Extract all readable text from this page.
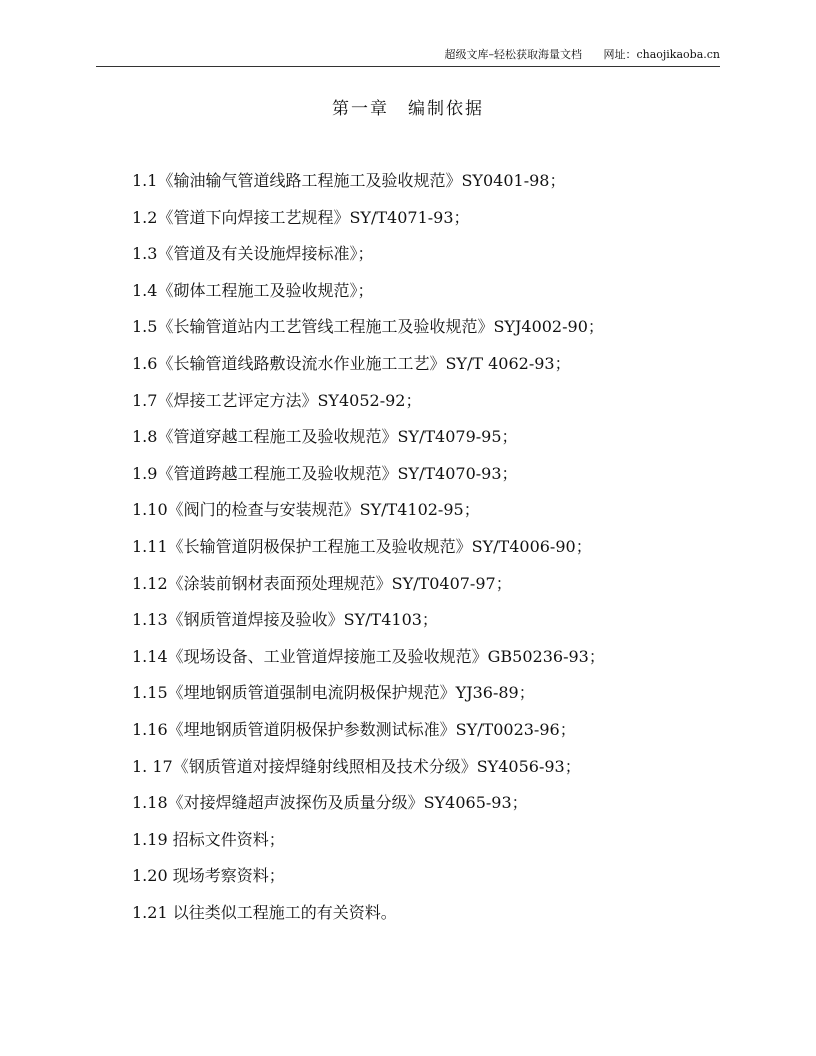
超级文库–轻松获取海量文档 网址：chaojikaoba.cn
第一章　编制依据
1.1《输油输气管道线路工程施工及验收规范》SY0401-98；
1.2《管道下向焊接工艺规程》SY/T4071-93；
1.3《管道及有关设施焊接标准》；
1.4《砌体工程施工及验收规范》；
1.5《长输管道站内工艺管线工程施工及验收规范》SYJ4002-90；
1.6《长输管道线路敷设流水作业施工工艺》SY/T 4062-93；
1.7《焊接工艺评定方法》SY4052-92；
1.8《管道穿越工程施工及验收规范》SY/T4079-95；
1.9《管道跨越工程施工及验收规范》SY/T4070-93；
1.10《阀门的检查与安装规范》SY/T4102-95；
1.11《长输管道阴极保护工程施工及验收规范》SY/T4006-90；
1.12《涂装前钢材表面预处理规范》SY/T0407-97；
1.13《钢质管道焊接及验收》SY/T4103；
1.14《现场设备、工业管道焊接施工及验收规范》GB50236-93；
1.15《埋地钢质管道强制电流阴极保护规范》YJ36-89；
1.16《埋地钢质管道阴极保护参数测试标准》SY/T0023-96；
1. 17《钢质管道对接焊缝射线照相及技术分级》SY4056-93；
1.18《对接焊缝超声波探伤及质量分级》SY4065-93；
1.19 招标文件资料；
1.20 现场考察资料；
1.21 以往类似工程施工的有关资料。
